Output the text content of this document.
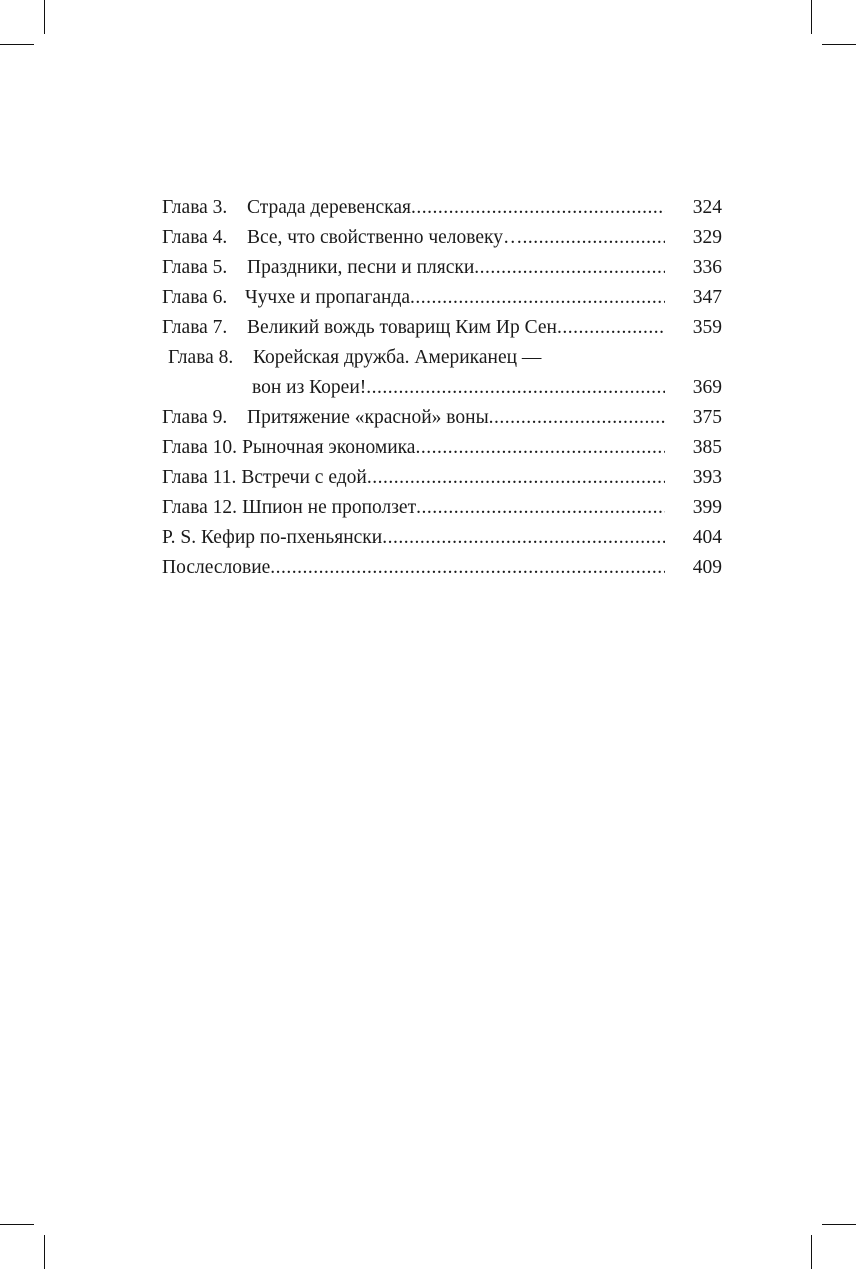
Глава 3.	Страда деревенская .....	324
Глава 4.	Все, что свойственно человеку… .....	329
Глава 5.	Праздники, песни и пляски .....	336
Глава 6. Чучхе и пропаганда .....	347
Глава 7.	Великий вождь товарищ Ким Ир Сен .....	359
Глава 8. Корейская дружба. Американец —
вон из Кореи! .....	369
Глава 9.	Притяжение «красной» воны .....	375
Глава 10. Рыночная экономика .....	385
Глава 11. Встречи с едой .....	393
Глава 12. Шпион не проползет .....	399
P. S. Кефир по-пхеньянски .....	404
Послесловие .....	409
